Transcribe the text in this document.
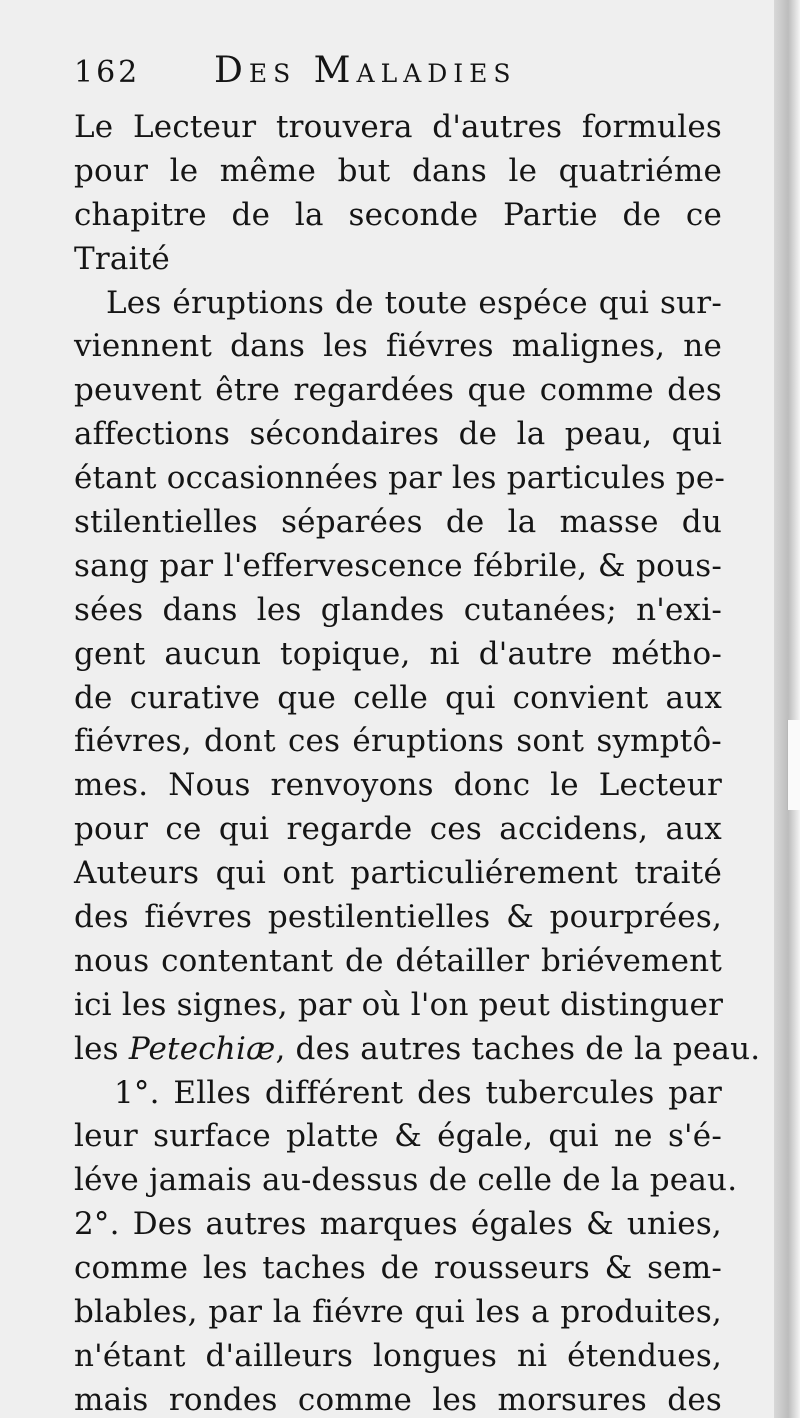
162	Des Maladies
Le Lecteur trouvera d'autres formules
pour le même but dans le quatriéme
chapitre de la seconde Partie de ce
Traité
Les éruptions de toute espéce qui sur-
viennent dans les fiévres malignes, ne
peuvent être regardées que comme des
affections sécondaires de la peau, qui
étant occasionnées par les particules pe-
stilentielles séparées de la masse du
sang par l'effervescence fébrile, & pous-
sées dans les glandes cutanées; n'exi-
gent aucun topique, ni d'autre métho-
de curative que celle qui convient aux
fiévres, dont ces éruptions sont symptô-
mes. Nous renvoyons donc le Lecteur
pour ce qui regarde ces accidens, aux
Auteurs qui ont particuliérement traité
des fiévres pestilentielles & pourprées,
nous contentant de détailler briévement
ici les signes, par où l'on peut distinguer
les Petechiæ, des autres taches de la peau.
1°. Elles différent des tubercules par
leur surface platte & égale, qui ne s'é-
léve jamais au-dessus de celle de la peau.
2°. Des autres marques égales & unies,
comme les taches de rousseurs & sem-
blables, par la fiévre qui les a produites,
n'étant d'ailleurs longues ni étendues,
mais rondes comme les morsures des
